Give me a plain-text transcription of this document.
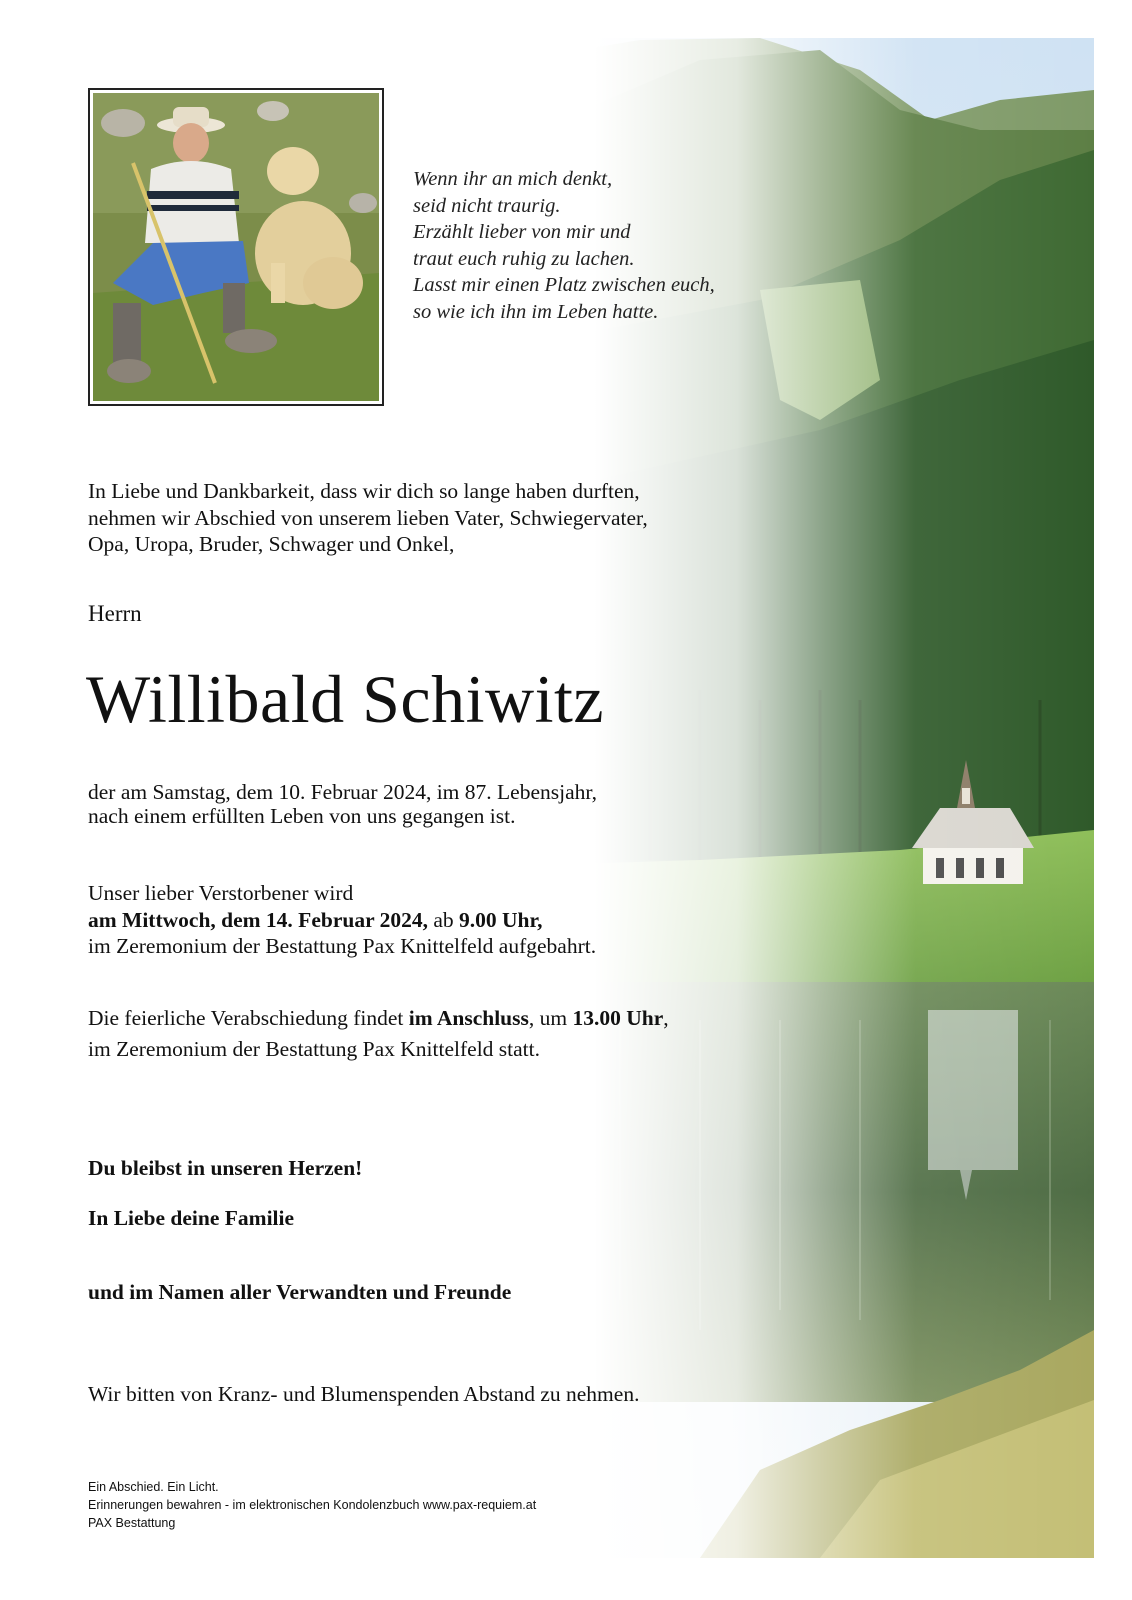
Wenn ihr an mich denkt,
seid nicht traurig.
Erzählt lieber von mir und
traut euch ruhig zu lachen.
Lasst mir einen Platz zwischen euch,
so wie ich ihn im Leben hatte.
In Liebe und Dankbarkeit, dass wir dich so lange haben durften,
nehmen wir Abschied von unserem lieben Vater, Schwiegervater,
Opa, Uropa, Bruder, Schwager und Onkel,
Herrn
Willibald Schiwitz
der am Samstag, dem 10. Februar 2024, im 87. Lebensjahr,
nach einem erfüllten Leben von uns gegangen ist.
Unser lieber Verstorbener wird
am Mittwoch, dem 14. Februar 2024, ab 9.00 Uhr,
im Zeremonium der Bestattung Pax Knittelfeld aufgebahrt.
Die feierliche Verabschiedung findet im Anschluss, um 13.00 Uhr,
im Zeremonium der Bestattung Pax Knittelfeld statt.
Du bleibst in unseren Herzen!
In Liebe deine Familie
und im Namen aller Verwandten und Freunde
Wir bitten von Kranz- und Blumenspenden Abstand zu nehmen.
Ein Abschied. Ein Licht.
Erinnerungen bewahren - im elektronischen Kondolenzbuch www.pax-requiem.at
PAX Bestattung
